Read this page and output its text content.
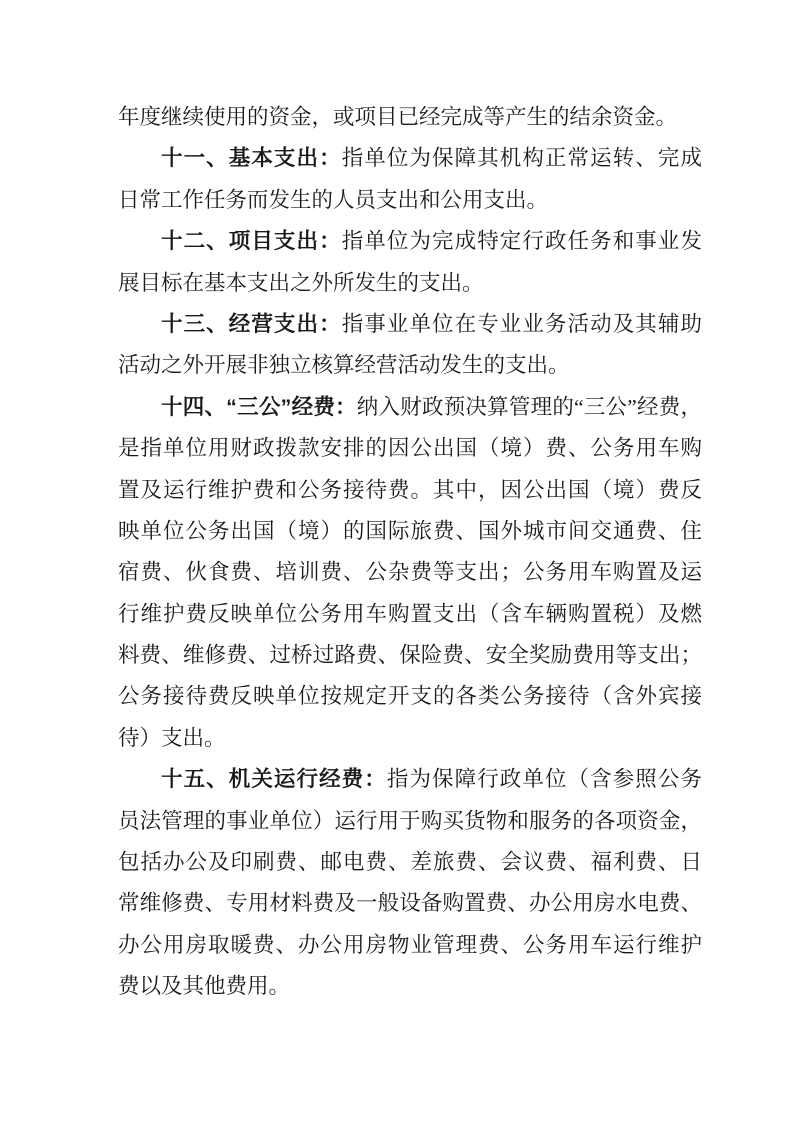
年度继续使用的资金，或项目已经完成等产生的结余资金。
十一、基本支出：指单位为保障其机构正常运转、完成
日常工作任务而发生的人员支出和公用支出。
十二、项目支出：指单位为完成特定行政任务和事业发
展目标在基本支出之外所发生的支出。
十三、经营支出：指事业单位在专业业务活动及其辅助
活动之外开展非独立核算经营活动发生的支出。
十四、“三公”经费：纳入财政预决算管理的“三公”经费，
是指单位用财政拨款安排的因公出国（境）费、公务用车购
置及运行维护费和公务接待费。其中，因公出国（境）费反
映单位公务出国（境）的国际旅费、国外城市间交通费、住
宿费、伙食费、培训费、公杂费等支出；公务用车购置及运
行维护费反映单位公务用车购置支出（含车辆购置税）及燃
料费、维修费、过桥过路费、保险费、安全奖励费用等支出；
公务接待费反映单位按规定开支的各类公务接待（含外宾接
待）支出。
十五、机关运行经费：指为保障行政单位（含参照公务
员法管理的事业单位）运行用于购买货物和服务的各项资金，
包括办公及印刷费、邮电费、差旅费、会议费、福利费、日
常维修费、专用材料费及一般设备购置费、办公用房水电费、
办公用房取暖费、办公用房物业管理费、公务用车运行维护
费以及其他费用。
